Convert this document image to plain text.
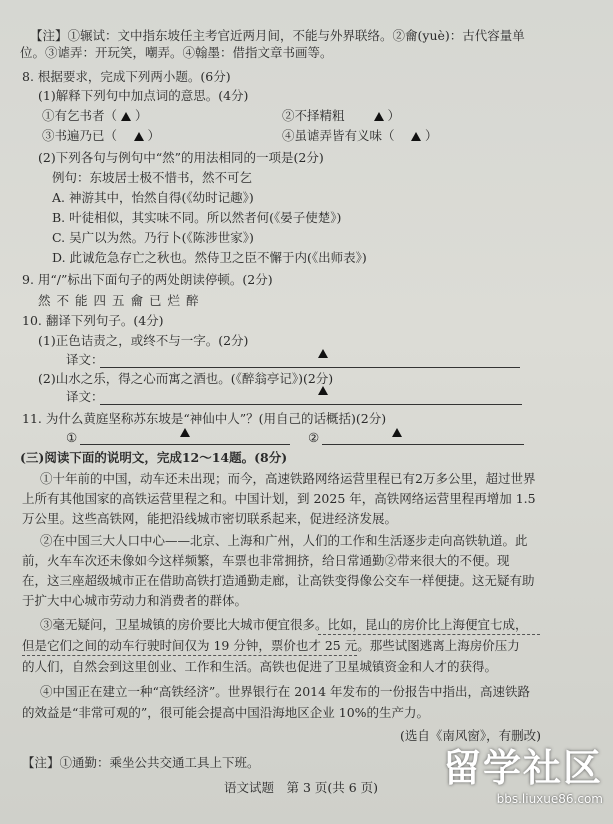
【注】①辗试：文中指东坡任主考官近两月间，不能与外界联络。②龠(yuè)：古代容量单
位。③谑弄：开玩笑，嘲弄。④翰墨：借指文章书画等。
8. 根据要求，完成下列两小题。(6分)
(1)解释下列句中加点词的意思。(4分)
①有乞书者（ ）	②不择精粗　　	）
③书遍乃已（　 ）	④虽谑弄皆有义味（　 ）
(2)下列各句与例句中“然”的用法相同的一项是(2分)
例句：东坡居士极不惜书，然不可乞
A. 神游其中，怡然自得(《幼时记趣》)
B. 叶徒相似，其实味不同。所以然者何(《晏子使楚》)
C. 吴广以为然。乃行卜(《陈涉世家》)
D. 此诚危急存亡之秋也。然侍卫之臣不懈于内(《出师表》)
9. 用“/”标出下面句子的两处朗读停顿。(2分)
然不能四五龠已烂醉
10. 翻译下列句子。(4分)
(1)正色诘责之，或终不与一字。(2分)
译文：
(2)山水之乐，得之心而寓之酒也。(《醉翁亭记》)(2分)
译文：
11. 为什么黄庭坚称苏东坡是“神仙中人”？(用自己的话概括)(2分)
①	②
(三)阅读下面的说明文，完成12～14题。(8分)
①十年前的中国，动车还未出现；而今，高速铁路网络运营里程已有2万多公里，超过世界
上所有其他国家的高铁运营里程之和。中国计划，到 2025 年，高铁网络运营里程再增加 1.5
万公里。这些高铁网，能把沿线城市密切联系起来，促进经济发展。
②在中国三大人口中心——北京、上海和广州，人们的工作和生活逐步走向高铁轨道。此
前，火车车次还未像如今这样频繁，车票也非常拥挤，给日常通勤②带来很大的不便。现
在，这三座超级城市正在借助高铁打造通勤走廊，让高铁变得像公交车一样便捷。这无疑有助
于扩大中心城市劳动力和消费者的群体。
③毫无疑问，卫星城镇的房价要比大城市便宜很多。比如，昆山的房价比上海便宜七成，
但是它们之间的动车行驶时间仅为 19 分钟，票价也才 25 元。那些试图逃离上海房价压力
的人们，自然会到这里创业、工作和生活。高铁也促进了卫星城镇资金和人才的获得。
④中国正在建立一种“高铁经济”。世界银行在 2014 年发布的一份报告中指出，高速铁路
的效益是“非常可观的”，很可能会提高中国沿海地区企业 10%的生产力。
(选自《南风窗》，有删改)
【注】①通勤：乘坐公共交通工具上下班。
语文试题　第 3 页(共 6 页) 留学社区
bbs.liuxue86.com
